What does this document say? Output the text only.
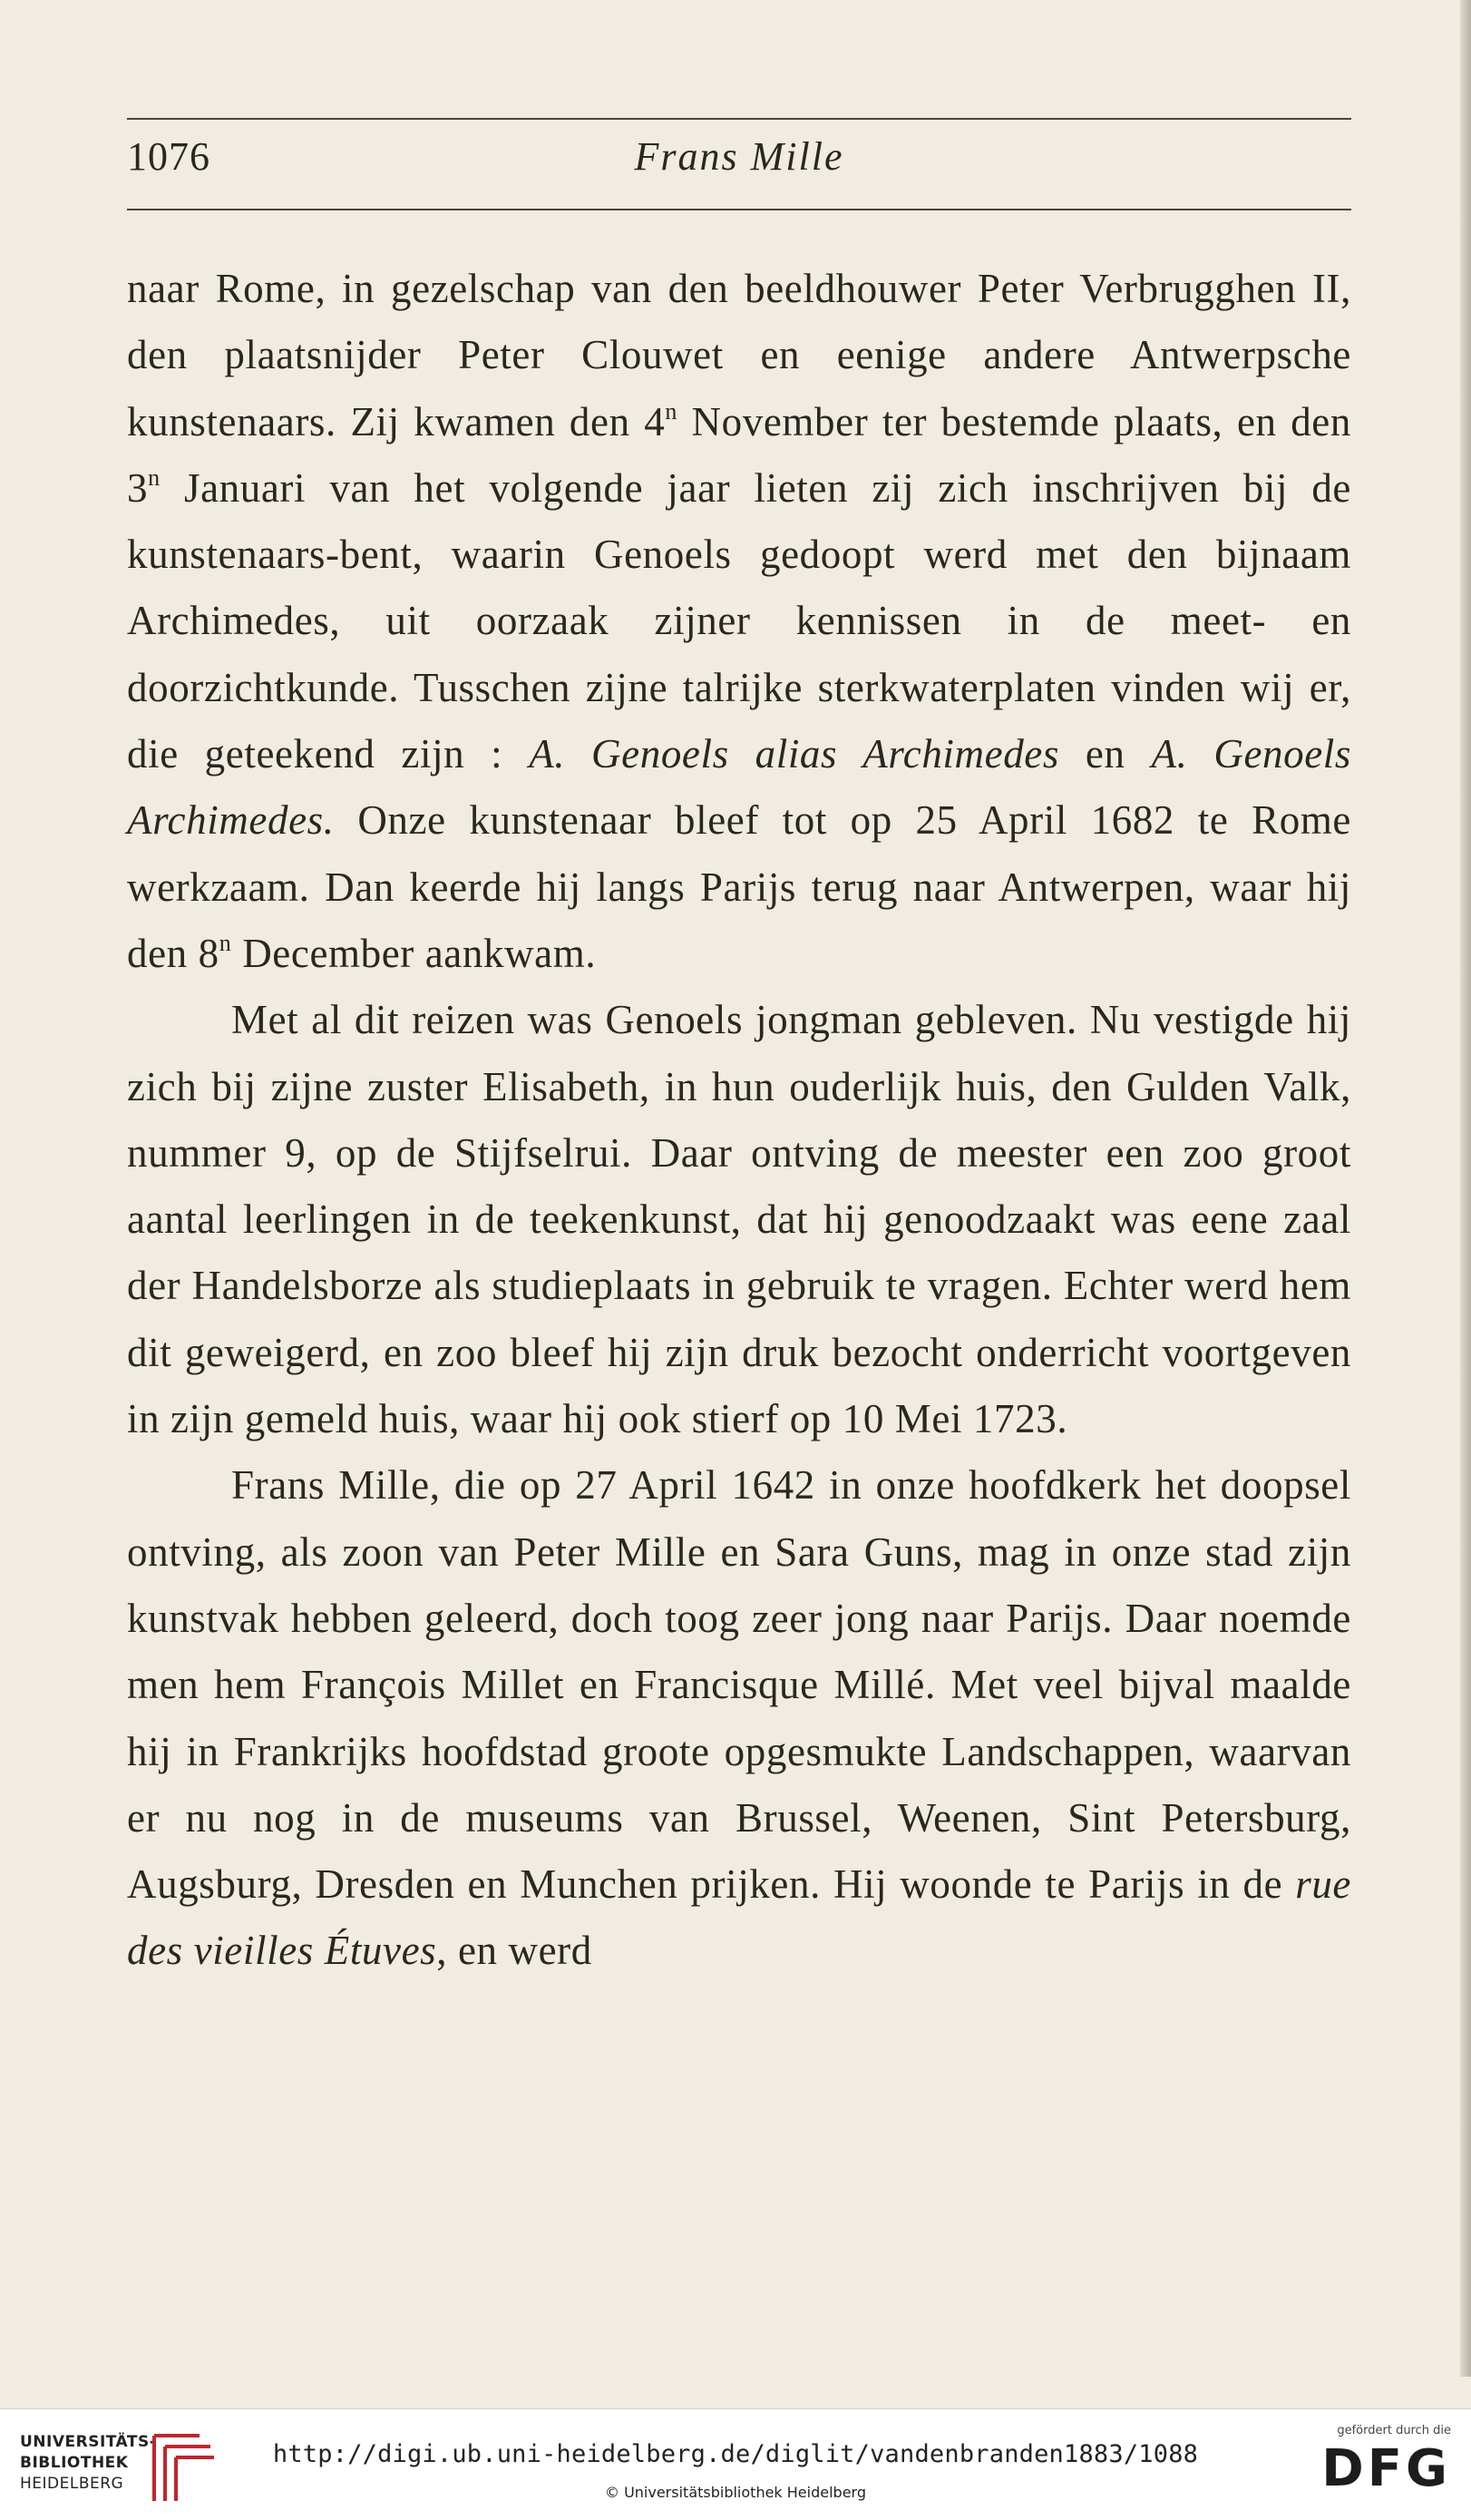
1076	Frans Mille

naar Rome, in gezelschap van den beeldhouwer Peter Verbrugghen II, den plaatsnijder Peter Clouwet en eenige andere Antwerpsche kunstenaars. Zij kwamen den 4$^n$ November ter bestemde plaats, en den 3$^n$ Januari van het volgende jaar lieten zij zich inschrijven bij de kunstenaars-bent, waarin Genoels gedoopt werd met den bijnaam Archimedes, uit oorzaak zijner kennissen in de meet- en doorzichtkunde. Tusschen zijne talrijke sterkwaterplaten vinden wij er, die geteekend zijn : A. Genoels alias Archimedes en A. Genoels Archimedes. Onze kunstenaar bleef tot op 25 April 1682 te Rome werkzaam. Dan keerde hij langs Parijs terug naar Antwerpen, waar hij den 8$^n$ December aankwam.

Met al dit reizen was Genoels jongman gebleven. Nu vestigde hij zich bij zijne zuster Elisabeth, in hun ouderlijk huis, den Gulden Valk, nummer 9, op de Stijfselrui. Daar ontving de meester een zoo groot aantal leerlingen in de teekenkunst, dat hij genoodzaakt was eene zaal der Handelsborze als studieplaats in gebruik te vragen. Echter werd hem dit geweigerd, en zoo bleef hij zijn druk bezocht onderricht voortgeven in zijn gemeld huis, waar hij ook stierf op 10 Mei 1723.

Frans Mille, die op 27 April 1642 in onze hoofdkerk het doopsel ontving, als zoon van Peter Mille en Sara Guns, mag in onze stad zijn kunstvak hebben geleerd, doch toog zeer jong naar Parijs. Daar noemde men hem François Millet en Francisque Millé. Met veel bijval maalde hij in Frankrijks hoofdstad groote opgesmukte Landschappen, waarvan er nu nog in de museums van Brussel, Weenen, Sint Petersburg, Augsburg, Dresden en Munchen prijken. Hij woonde te Parijs in de rue des vieilles Étuves, en werd

UNIVERSITÄTS-
BIBLIOTHEK
HEIDELBERG
http://digi.ub.uni-heidelberg.de/diglit/vandenbranden1883/1088
© Universitätsbibliothek Heidelberg
gefördert durch die
DFG
